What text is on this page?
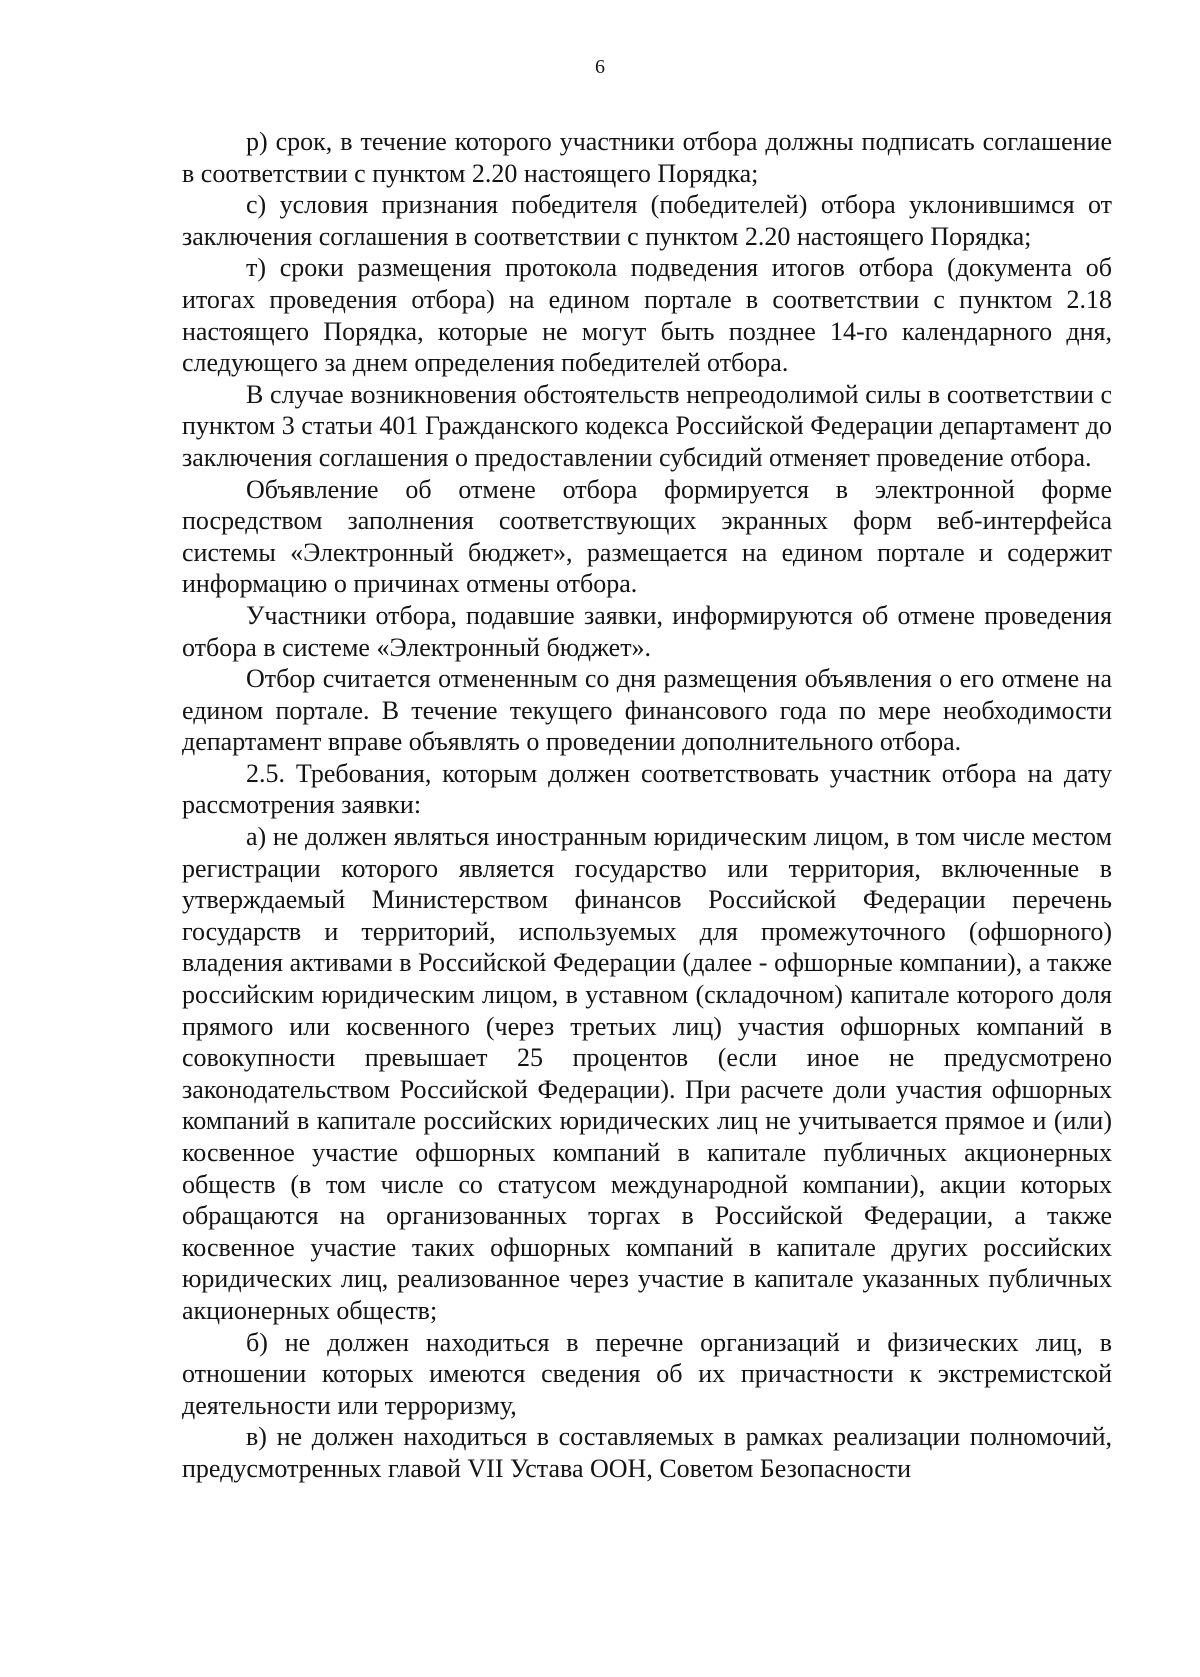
6

р) срок, в течение которого участники отбора должны подписать соглашение в соответствии с пунктом 2.20 настоящего Порядка;

с) условия признания победителя (победителей) отбора уклонившимся от заключения соглашения в соответствии с пунктом 2.20 настоящего Порядка;

т) сроки размещения протокола подведения итогов отбора (документа об итогах проведения отбора) на едином портале в соответствии с пунктом 2.18 настоящего Порядка, которые не могут быть позднее 14-го календарного дня, следующего за днем определения победителей отбора.

В случае возникновения обстоятельств непреодолимой силы в соответствии с пунктом 3 статьи 401 Гражданского кодекса Российской Федерации департамент до заключения соглашения о предоставлении субсидий отменяет проведение отбора.

Объявление об отмене отбора формируется в электронной форме посредством заполнения соответствующих экранных форм веб-интерфейса системы «Электронный бюджет», размещается на едином портале и содержит информацию о причинах отмены отбора.

Участники отбора, подавшие заявки, информируются об отмене проведения отбора в системе «Электронный бюджет».

Отбор считается отмененным со дня размещения объявления о его отмене на едином портале. В течение текущего финансового года по мере необходимости департамент вправе объявлять о проведении дополнительного отбора.

2.5. Требования, которым должен соответствовать участник отбора на дату рассмотрения заявки:

а) не должен являться иностранным юридическим лицом, в том числе местом регистрации которого является государство или территория, включенные в утверждаемый Министерством финансов Российской Федерации перечень государств и территорий, используемых для промежуточного (офшорного) владения активами в Российской Федерации (далее - офшорные компании), а также российским юридическим лицом, в уставном (складочном) капитале которого доля прямого или косвенного (через третьих лиц) участия офшорных компаний в совокупности превышает 25 процентов (если иное не предусмотрено законодательством Российской Федерации). При расчете доли участия офшорных компаний в капитале российских юридических лиц не учитывается прямое и (или) косвенное участие офшорных компаний в капитале публичных акционерных обществ (в том числе со статусом международной компании), акции которых обращаются на организованных торгах в Российской Федерации, а также косвенное участие таких офшорных компаний в капитале других российских юридических лиц, реализованное через участие в капитале указанных публичных акционерных обществ;

б) не должен находиться в перечне организаций и физических лиц, в отношении которых имеются сведения об их причастности к экстремистской деятельности или терроризму,

в) не должен находиться в составляемых в рамках реализации полномочий, предусмотренных главой VII Устава ООН, Советом Безопасности
